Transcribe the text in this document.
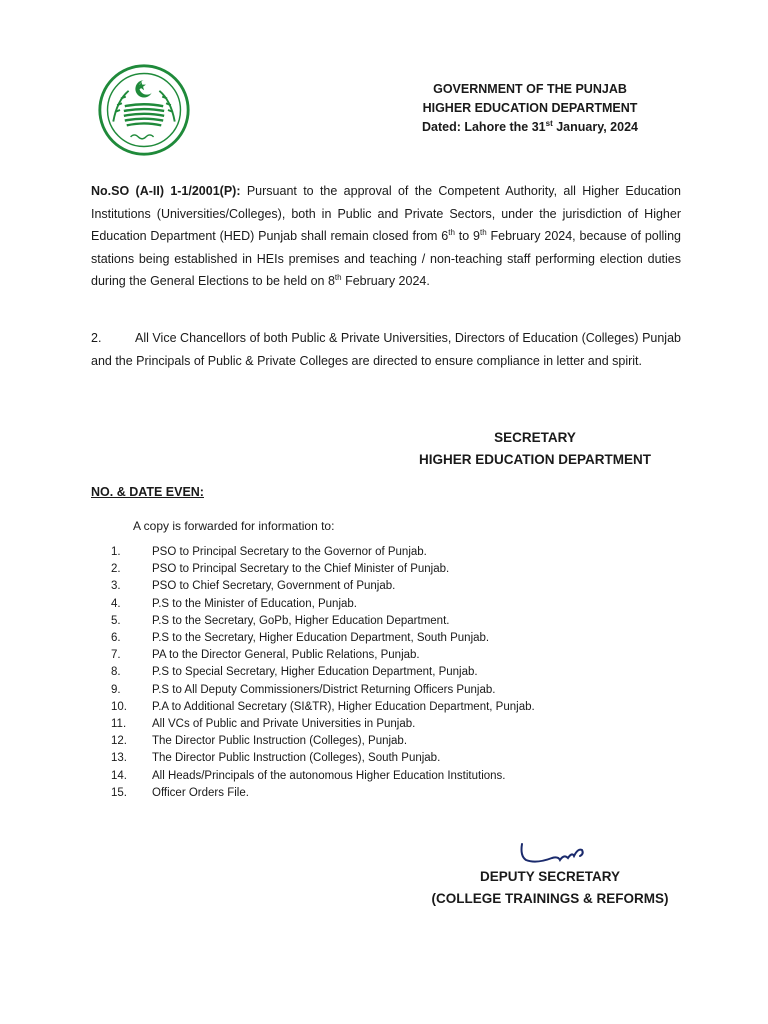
GOVERNMENT OF THE PUNJAB
HIGHER EDUCATION DEPARTMENT
Dated: Lahore the 31st January, 2024
No.SO (A-II) 1-1/2001(P): Pursuant to the approval of the Competent Authority, all Higher Education Institutions (Universities/Colleges), both in Public and Private Sectors, under the jurisdiction of Higher Education Department (HED) Punjab shall remain closed from 6th to 9th February 2024, because of polling stations being established in HEIs premises and teaching / non-teaching staff performing election duties during the General Elections to be held on 8th February 2024.
2.	All Vice Chancellors of both Public & Private Universities, Directors of Education (Colleges) Punjab and the Principals of Public & Private Colleges are directed to ensure compliance in letter and spirit.
SECRETARY
HIGHER EDUCATION DEPARTMENT
NO. & DATE EVEN:
A copy is forwarded for information to:
1.	PSO to Principal Secretary to the Governor of Punjab.
2.	PSO to Principal Secretary to the Chief Minister of Punjab.
3.	PSO to Chief Secretary, Government of Punjab.
4.	P.S to the Minister of Education, Punjab.
5.	P.S to the Secretary, GoPb, Higher Education Department.
6.	P.S to the Secretary, Higher Education Department, South Punjab.
7.	PA to the Director General, Public Relations, Punjab.
8.	P.S to Special Secretary, Higher Education Department, Punjab.
9.	P.S to All Deputy Commissioners/District Returning Officers Punjab.
10.	P.A to Additional Secretary (SI&TR), Higher Education Department, Punjab.
11.	All VCs of Public and Private Universities in Punjab.
12.	The Director Public Instruction (Colleges), Punjab.
13.	The Director Public Instruction (Colleges), South Punjab.
14.	All Heads/Principals of the autonomous Higher Education Institutions.
15.	Officer Orders File.
DEPUTY SECRETARY
(COLLEGE TRAININGS & REFORMS)
